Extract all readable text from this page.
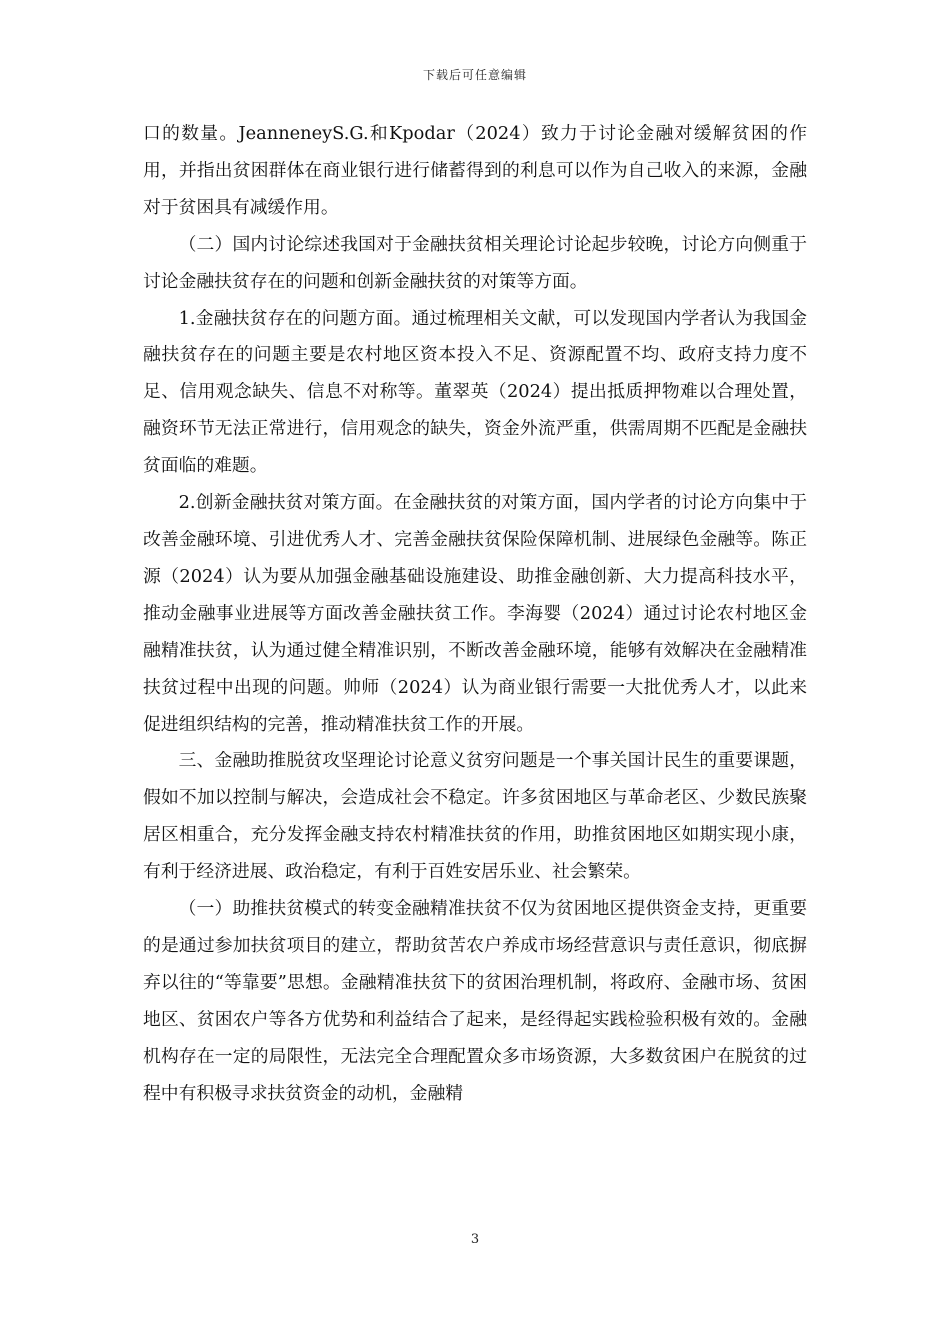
下载后可任意编辑

口的数量。JeanneneyS.G.和Kpodar（2024）致力于讨论金融对缓解贫困的作用，并指出贫困群体在商业银行进行储蓄得到的利息可以作为自己收入的来源，金融对于贫困具有减缓作用。

（二）国内讨论综述我国对于金融扶贫相关理论讨论起步较晚，讨论方向侧重于讨论金融扶贫存在的问题和创新金融扶贫的对策等方面。

1.金融扶贫存在的问题方面。通过梳理相关文献，可以发现国内学者认为我国金融扶贫存在的问题主要是农村地区资本投入不足、资源配置不均、政府支持力度不足、信用观念缺失、信息不对称等。董翠英（2024）提出抵质押物难以合理处置，融资环节无法正常进行，信用观念的缺失，资金外流严重，供需周期不匹配是金融扶贫面临的难题。

2.创新金融扶贫对策方面。在金融扶贫的对策方面，国内学者的讨论方向集中于改善金融环境、引进优秀人才、完善金融扶贫保险保障机制、进展绿色金融等。陈正源（2024）认为要从加强金融基础设施建设、助推金融创新、大力提高科技水平，推动金融事业进展等方面改善金融扶贫工作。李海婴（2024）通过讨论农村地区金融精准扶贫，认为通过健全精准识别，不断改善金融环境，能够有效解决在金融精准扶贫过程中出现的问题。帅师（2024）认为商业银行需要一大批优秀人才，以此来促进组织结构的完善，推动精准扶贫工作的开展。

三、金融助推脱贫攻坚理论讨论意义贫穷问题是一个事关国计民生的重要课题，假如不加以控制与解决，会造成社会不稳定。许多贫困地区与革命老区、少数民族聚居区相重合，充分发挥金融支持农村精准扶贫的作用，助推贫困地区如期实现小康，有利于经济进展、政治稳定，有利于百姓安居乐业、社会繁荣。

（一）助推扶贫模式的转变金融精准扶贫不仅为贫困地区提供资金支持，更重要的是通过参加扶贫项目的建立，帮助贫苦农户养成市场经营意识与责任意识，彻底摒弃以往的“等靠要”思想。金融精准扶贫下的贫困治理机制，将政府、金融市场、贫困地区、贫困农户等各方优势和利益结合了起来，是经得起实践检验积极有效的。金融机构存在一定的局限性，无法完全合理配置众多市场资源，大多数贫困户在脱贫的过程中有积极寻求扶贫资金的动机，金融精

3
